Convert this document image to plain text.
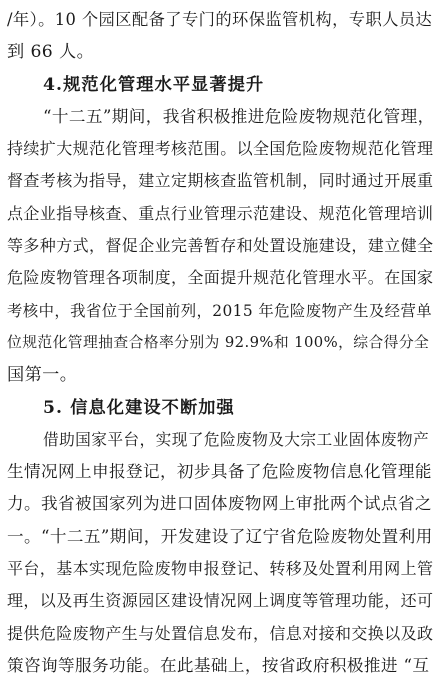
/年）。10 个园区配备了专门的环保监管机构，专职人员达
到 66 人。
4.规范化管理水平显著提升
“十二五”期间，我省积极推进危险废物规范化管理，
持续扩大规范化管理考核范围。以全国危险废物规范化管理
督查考核为指导，建立定期核查监管机制，同时通过开展重
点企业指导核查、重点行业管理示范建设、规范化管理培训
等多种方式，督促企业完善暂存和处置设施建设，建立健全
危险废物管理各项制度，全面提升规范化管理水平。在国家
考核中，我省位于全国前列，2015 年危险废物产生及经营单
位规范化管理抽查合格率分别为 92.9%和 100%，综合得分全
国第一。
5. 信息化建设不断加强
借助国家平台，实现了危险废物及大宗工业固体废物产
生情况网上申报登记，初步具备了危险废物信息化管理能
力。我省被国家列为进口固体废物网上审批两个试点省之
一。“十二五”期间，开发建设了辽宁省危险废物处置利用
平台，基本实现危险废物申报登记、转移及处置利用网上管
理，以及再生资源园区建设情况网上调度等管理功能，还可
提供危险废物产生与处置信息发布，信息对接和交换以及政
策咨询等服务功能。在此基础上，按省政府积极推进 “互
